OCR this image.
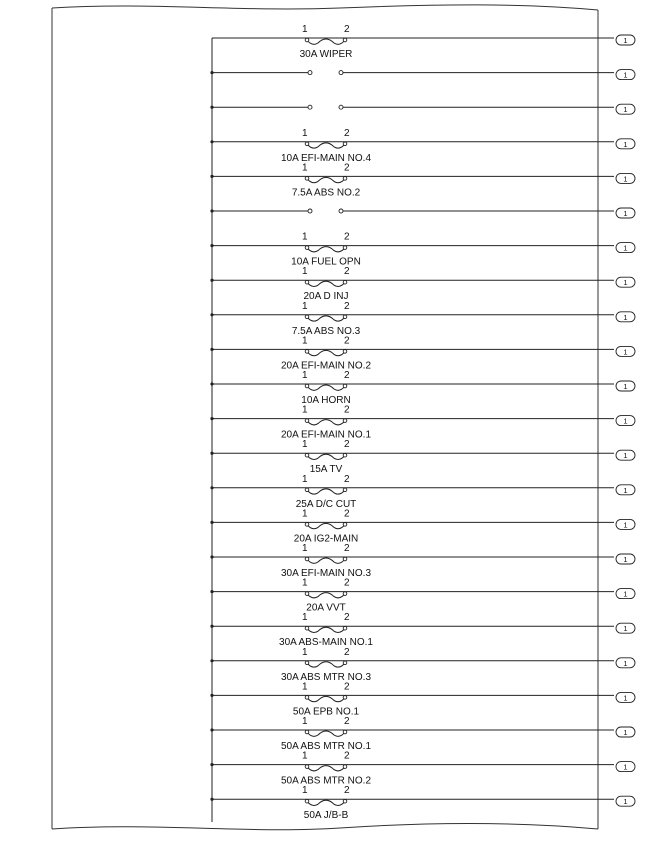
1	2
30A WIPER
1
1
1
1	2
10A EFI-MAIN NO.4
1
1	2
7.5A ABS NO.2
1
1
1	2
10A FUEL OPN
1
1	2
20A D INJ
1
1	2
7.5A ABS NO.3
1
1	2
20A EFI-MAIN NO.2
1
1	2
10A HORN
1
1	2
20A EFI-MAIN NO.1
1
1	2
15A TV
1
1	2
25A D/C CUT
1
1	2
20A IG2-MAIN
1
1	2
30A EFI-MAIN NO.3
1
1	2
20A VVT
1
1	2
30A ABS-MAIN NO.1
1
1	2
30A ABS MTR NO.3
1
1	2
50A EPB NO.1
1
1	2
50A ABS MTR NO.1
1
1	2
50A ABS MTR NO.2
1
1	2
50A J/B-B
1
